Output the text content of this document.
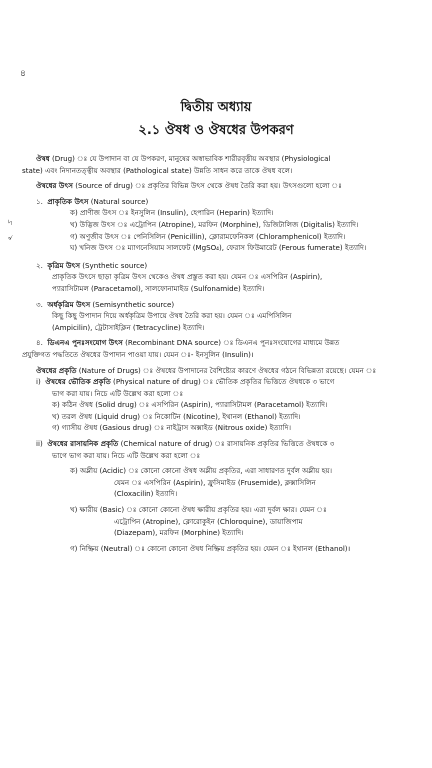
৪
৸
৵
দ্বিতীয় অধ্যায়
২.১ ঔষধ ও ঔষধের উপকরণ
ঔষধ (Drug) ঃ যে উপাদান বা যে উপকরণ, মানুষের অস্বাভাবিক শারীরবৃত্তীয় অবস্থার (Physiological
state) এবং নিদানতত্ত্বীয় অবস্থার (Pathological state) উন্নতি সাধন করে তাকে ঔষধ বলে।
ঔষধের উৎস (Source of drug) ঃ প্রকৃতির বিভিন্ন উৎস থেকে ঔষধ তৈরি করা হয়। উৎসগুলো হলো ঃ
১. প্রাকৃতিক উৎস (Natural source)
ক) প্রাণীজ উৎস ঃ ইনসুলিন (Insulin), হেপারিন (Heparin) ইত্যাদি।
খ) উদ্ভিজ উৎস ঃ এট্রোপিন (Atropine), মরফিন (Morphine), ডিজিটালিজ (Digitalis) ইত্যাদি।
গ) অণুজীব উৎস ঃ পেনিসিলিন (Penicillin), ক্লোরামফেনিকল (Chloramphenicol) ইত্যাদি।
ঘ) খনিজ উৎস ঃ ম্যাগনেসিয়াম সালফেট (MgSO₄), ফেরাস ফিউমারেট (Ferous fumerate) ইত্যাদি।
২. কৃত্রিম উৎস (Synthetic source)
প্রাকৃতিক উৎসে ছাড়া কৃত্রিম উৎস থেকেও ঔষধ প্রস্তুত করা হয়। যেমন ঃ এসপিরিন (Aspirin),
প্যারাসিটামল (Paracetamol), সালফোনামাইড (Sulfonamide) ইত্যাদি।
৩. অর্ধকৃত্রিম উৎস (Semisynthetic source)
কিছু কিছু উপাদান দিয়ে অর্ধকৃত্রিম উপায়ে ঔষধ তৈরি করা হয়। যেমন ঃ এমপিসিলিন
(Ampicilin), ট্রেটাসাইক্লিন (Tetracycline) ইত্যাদি।
৪. ডিএনএ পুনঃসংযোগ উৎস (Recombinant DNA source) ঃ ডিএনএ পুনঃসংযোগের মাধ্যমে উন্নত
প্রযুক্তিগত পদ্ধতিতে ঔষধের উপাদান পাওয়া যায়। যেমন ঃ- ইনসুলিন (Insulin)।
ঔষধের প্রকৃতি (Nature of Drugs) ঃ ঔষধের উপাদানের বৈশিষ্ট্যের কারণে ঔষধের গঠনে বিভিন্নতা রয়েছে। যেমন ঃ
i) ঔষধের ভৌতিক প্রকৃতি (Physical nature of drug) ঃ ভৌতিক প্রকৃতির ভিত্তিতে ঔষধকে ৩ ভাগে
ভাগ করা যায়। নিচে এটি উল্লেখ করা হলো ঃ
ক) কঠিন ঔষধ (Solid drug) ঃ এসপিরিন (Aspirin), প্যারাসিটামল (Paracetamol) ইত্যাদি।
খ) তরল ঔষধ (Liquid drug) ঃ নিকোটিন (Nicotine), ইথানল (Ethanol) ইত্যাদি।
গ) গ্যাসীয় ঔষধ (Gasious drug) ঃ নাইট্রাস অক্সাইড (Nitrous oxide) ইত্যাদি।
ii) ঔষধের রাসায়নিক প্রকৃতি (Chemical nature of drug) ঃ রাসায়নিক প্রকৃতির ভিত্তিতে ঔষধকে ৩
ভাগে ভাগ করা যায়। নিচে এটি উল্লেখ করা হলো ঃ
ক) অম্লীয় (Acidic) ঃ কোনো কোনো ঔষধ অম্লীয় প্রকৃতির, এরা সাধারণত দুর্বল অম্লীয় হয়।
যেমন ঃ এসপিরিন (Aspirin), ফ্রুসিমাইড (Frusemide), ক্লক্সাসিলিন
(Cloxacilin) ইত্যাদি।
খ) ক্ষারীয় (Basic) ঃ কোনো কোনো ঔষধ ক্ষারীয় প্রকৃতির হয়। এরা দুর্বল ক্ষার। যেমন ঃ
এট্রোপিন (Atropine), ক্লোরোকুইন (Chloroquine), ডায়াজিপাম
(Diazepam), মরফিন (Morphine) ইত্যাদি।
গ) নিষ্ক্রিয় (Neutral) ঃ কোনো কোনো ঔষধ নিষ্ক্রিয় প্রকৃতির হয়। যেমন ঃ ইথানল (Ethanol)।
